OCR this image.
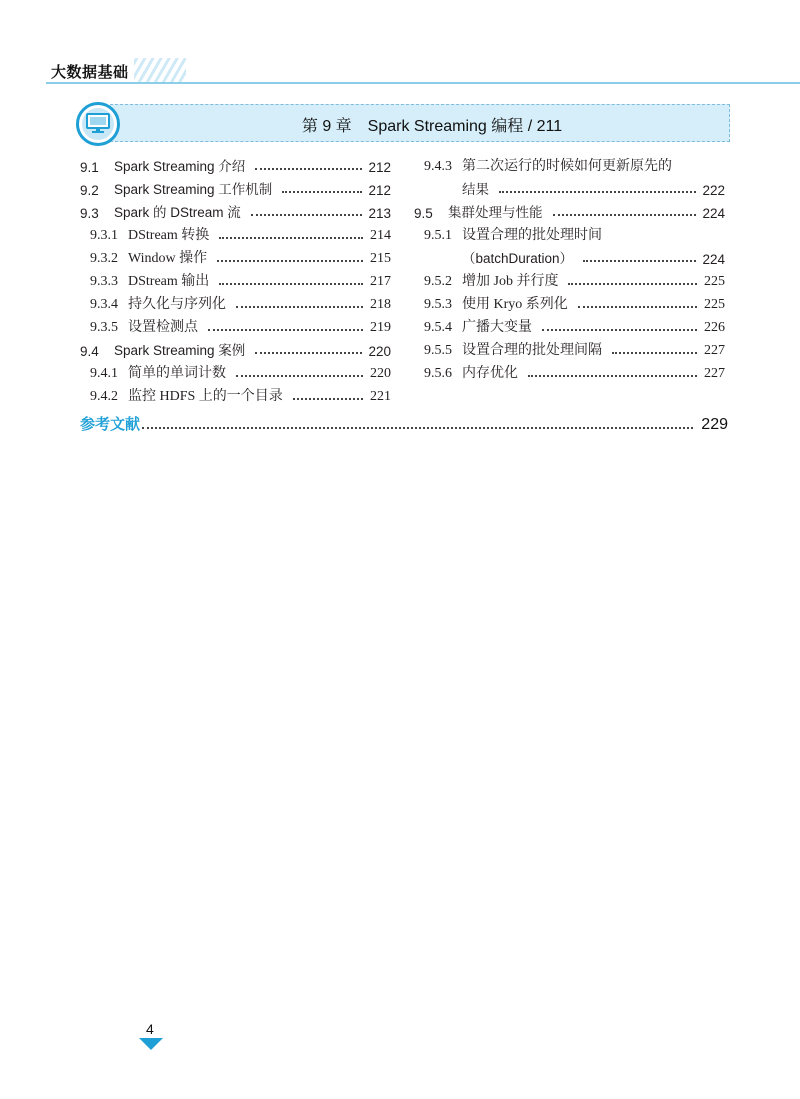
大数据基础
第 9 章　Spark Streaming 编程 / 211
9.1	Spark Streaming 介绍	212
9.2	Spark Streaming 工作机制	212
9.3	Spark 的 DStream 流	213
9.3.1 DStream 转换	214
9.3.2 Window 操作	215
9.3.3 DStream 输出	217
9.3.4 持久化与序列化	218
9.3.5 设置检测点	219
9.4	Spark Streaming 案例	220
9.4.1 简单的单词计数	220
9.4.2 监控 HDFS 上的一个目录	221
9.4.3 第二次运行的时候如何更新原先的
结果	222
9.5	集群处理与性能	224
9.5.1 设置合理的批处理时间
（batchDuration）	224
9.5.2 增加 Job 并行度	225
9.5.3 使用 Kryo 系列化	225
9.5.4 广播大变量	226
9.5.5 设置合理的批处理间隔	227
9.5.6 内存优化	227
参考文献	229
4
